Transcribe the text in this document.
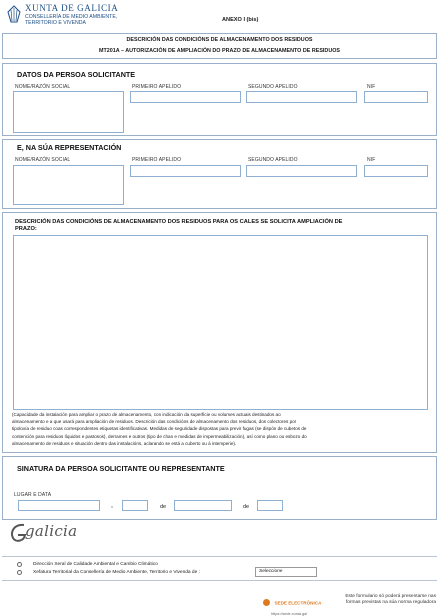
XUNTA DE GALICIA
CONSELLERÍA DE MEDIO AMBIENTE,
TERRITORIO E VIVENDA	ANEXO I (bis)
DESCRICIÓN DAS CONDICIÓNS DE ALMACENAMENTO DOS RESIDUOS
MT201A – AUTORIZACIÓN DE AMPLIACIÓN DO PRAZO DE ALMACENAMENTO DE RESIDUOS
DATOS DA PERSOA SOLICITANTE
NOME/RAZÓN SOCIAL	PRIMEIRO APELIDO	SEGUNDO APELIDO	NIF
E, NA SÚA REPRESENTACIÓN
NOME/RAZÓN SOCIAL	PRIMEIRO APELIDO	SEGUNDO APELIDO	NIF
DESCRICIÓN DAS CONDICIÓNS DE ALMACENAMENTO DOS RESIDUOS PARA OS CALES SE SOLICITA AMPLIACIÓN DE
PRAZO:
(Capacidade da instalación para ampliar o prazo de almacenamento, con indicación da superficie ou volumes actuais destinados ao
almacenamento e a que usará para ampliación de residuos. Descrición das condicións de almacenamento dos residuos, dos colectores por
tipoloxía de residuo coas correspondentes etiquetas identificativas. Medidas de seguridade dispostas para previr fugas (se dispón de cubetos de
contención para residuos líquidos e pastosos), derrames e outros (tipo de chan e medidas de impermeabilización), así como plano ou esbozo do
almacenamento de residuos e situación dentro das instalacións, aclarando se está a cuberto ou á intemperie).
SINATURA DA PERSOA SOLICITANTE OU REPRESENTANTE
LUGAR E DATA
,	de	de
galicia
Dirección Xeral de Calidade Ambiental e Cambio Climático
Xefatura Territorial da Consellería de Medio Ambiente, Territorio e Vivenda de :	Seleccione
SEDE ELECTRÓNICA
https://sede.xunta.gal
Este formulario só poderá presentarse nas
formas previstas na súa norma reguladora
